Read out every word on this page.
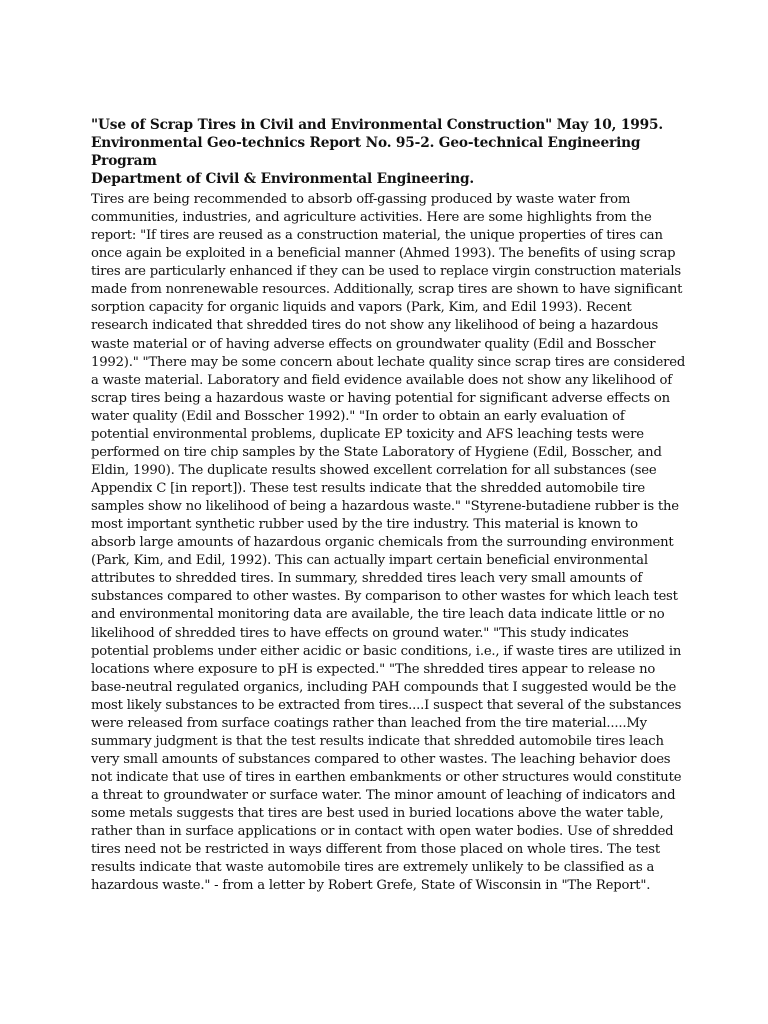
"Use of Scrap Tires in Civil and Environmental Construction" May 10, 1995.
Environmental Geo-technics Report No. 95-2. Geo-technical Engineering Program
Department of Civil & Environmental Engineering.
Tires are being recommended to absorb off-gassing produced by waste water from
communities, industries, and agriculture activities. Here are some highlights from the
report: "If tires are reused as a construction material, the unique properties of tires can
once again be exploited in a beneficial manner (Ahmed 1993). The benefits of using scrap
tires are particularly enhanced if they can be used to replace virgin construction materials
made from nonrenewable resources. Additionally, scrap tires are shown to have significant
sorption capacity for organic liquids and vapors (Park, Kim, and Edil 1993). Recent
research indicated that shredded tires do not show any likelihood of being a hazardous
waste material or of having adverse effects on groundwater quality (Edil and Bosscher
1992)." "There may be some concern about lechate quality since scrap tires are considered
a waste material. Laboratory and field evidence available does not show any likelihood of
scrap tires being a hazardous waste or having potential for significant adverse effects on
water quality (Edil and Bosscher 1992)." "In order to obtain an early evaluation of
potential environmental problems, duplicate EP toxicity and AFS leaching tests were
performed on tire chip samples by the State Laboratory of Hygiene (Edil, Bosscher, and
Eldin, 1990). The duplicate results showed excellent correlation for all substances (see
Appendix C [in report]). These test results indicate that the shredded automobile tire
samples show no likelihood of being a hazardous waste." "Styrene-butadiene rubber is the
most important synthetic rubber used by the tire industry. This material is known to
absorb large amounts of hazardous organic chemicals from the surrounding environment
(Park, Kim, and Edil, 1992). This can actually impart certain beneficial environmental
attributes to shredded tires. In summary, shredded tires leach very small amounts of
substances compared to other wastes. By comparison to other wastes for which leach test
and environmental monitoring data are available, the tire leach data indicate little or no
likelihood of shredded tires to have effects on ground water." "This study indicates
potential problems under either acidic or basic conditions, i.e., if waste tires are utilized in
locations where exposure to pH is expected." "The shredded tires appear to release no
base-neutral regulated organics, including PAH compounds that I suggested would be the
most likely substances to be extracted from tires....I suspect that several of the substances
were released from surface coatings rather than leached from the tire material.....My
summary judgment is that the test results indicate that shredded automobile tires leach
very small amounts of substances compared to other wastes. The leaching behavior does
not indicate that use of tires in earthen embankments or other structures would constitute
a threat to groundwater or surface water. The minor amount of leaching of indicators and
some metals suggests that tires are best used in buried locations above the water table,
rather than in surface applications or in contact with open water bodies. Use of shredded
tires need not be restricted in ways different from those placed on whole tires. The test
results indicate that waste automobile tires are extremely unlikely to be classified as a
hazardous waste." - from a letter by Robert Grefe, State of Wisconsin in "The Report".
